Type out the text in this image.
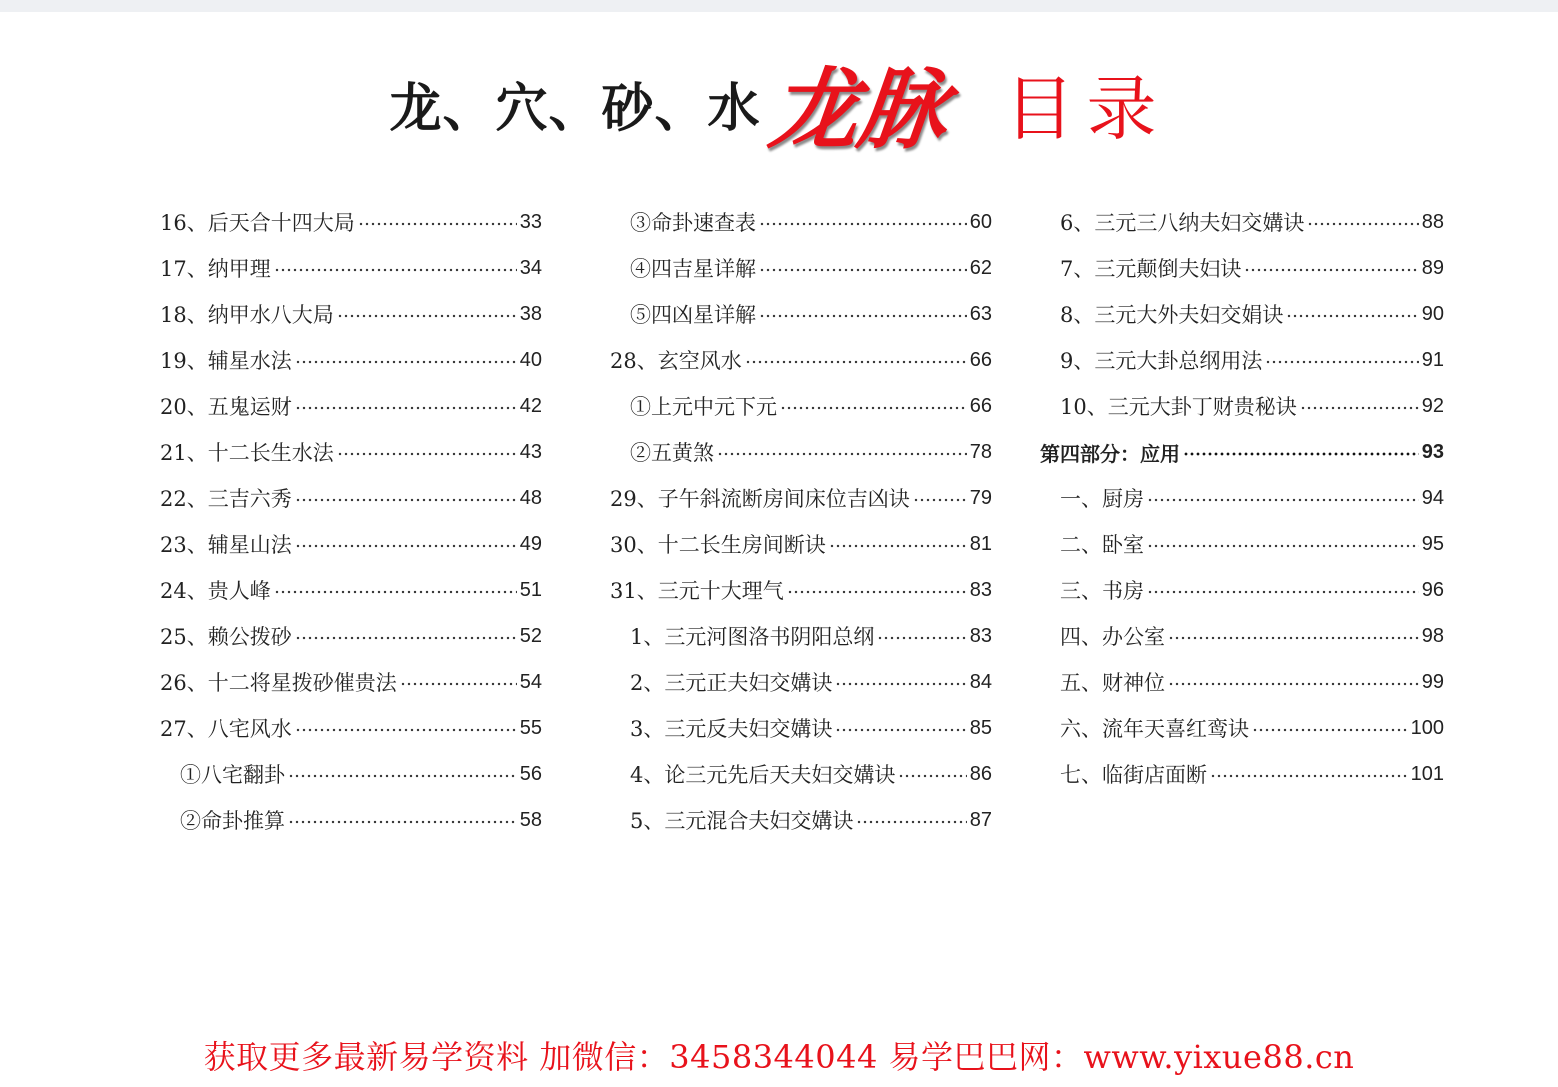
龙、穴、砂、水 龙脉 目录
16、后天合十四大局	33
17、纳甲理	34
18、纳甲水八大局	38
19、辅星水法	40
20、五鬼运财	42
21、十二长生水法	43
22、三吉六秀	48
23、辅星山法	49
24、贵人峰	51
25、赖公拨砂	52
26、十二将星拨砂催贵法	54
27、八宅风水	55
①八宅翻卦	56
②命卦推算	58
③命卦速查表	60
④四吉星详解	62
⑤四凶星详解	63
28、玄空风水	66
①上元中元下元	66
②五黄煞	78
29、子午斜流断房间床位吉凶诀	79
30、十二长生房间断诀	81
31、三元十大理气	83
1、三元河图洛书阴阳总纲	83
2、三元正夫妇交媾诀	84
3、三元反夫妇交媾诀	85
4、论三元先后天夫妇交媾诀	86
5、三元混合夫妇交媾诀	87
6、三元三八纳夫妇交媾诀	88
7、三元颠倒夫妇诀	89
8、三元大外夫妇交娟诀	90
9、三元大卦总纲用法	91
10、三元大卦丁财贵秘诀	92
第四部分：应用	93
一、厨房	94
二、卧室	95
三、书房	96
四、办公室	98
五、财神位	99
六、流年天喜红鸾诀	100
七、临街店面断	101
获取更多最新易学资料 加微信：3458344044 易学巴巴网：www.yixue88.cn
